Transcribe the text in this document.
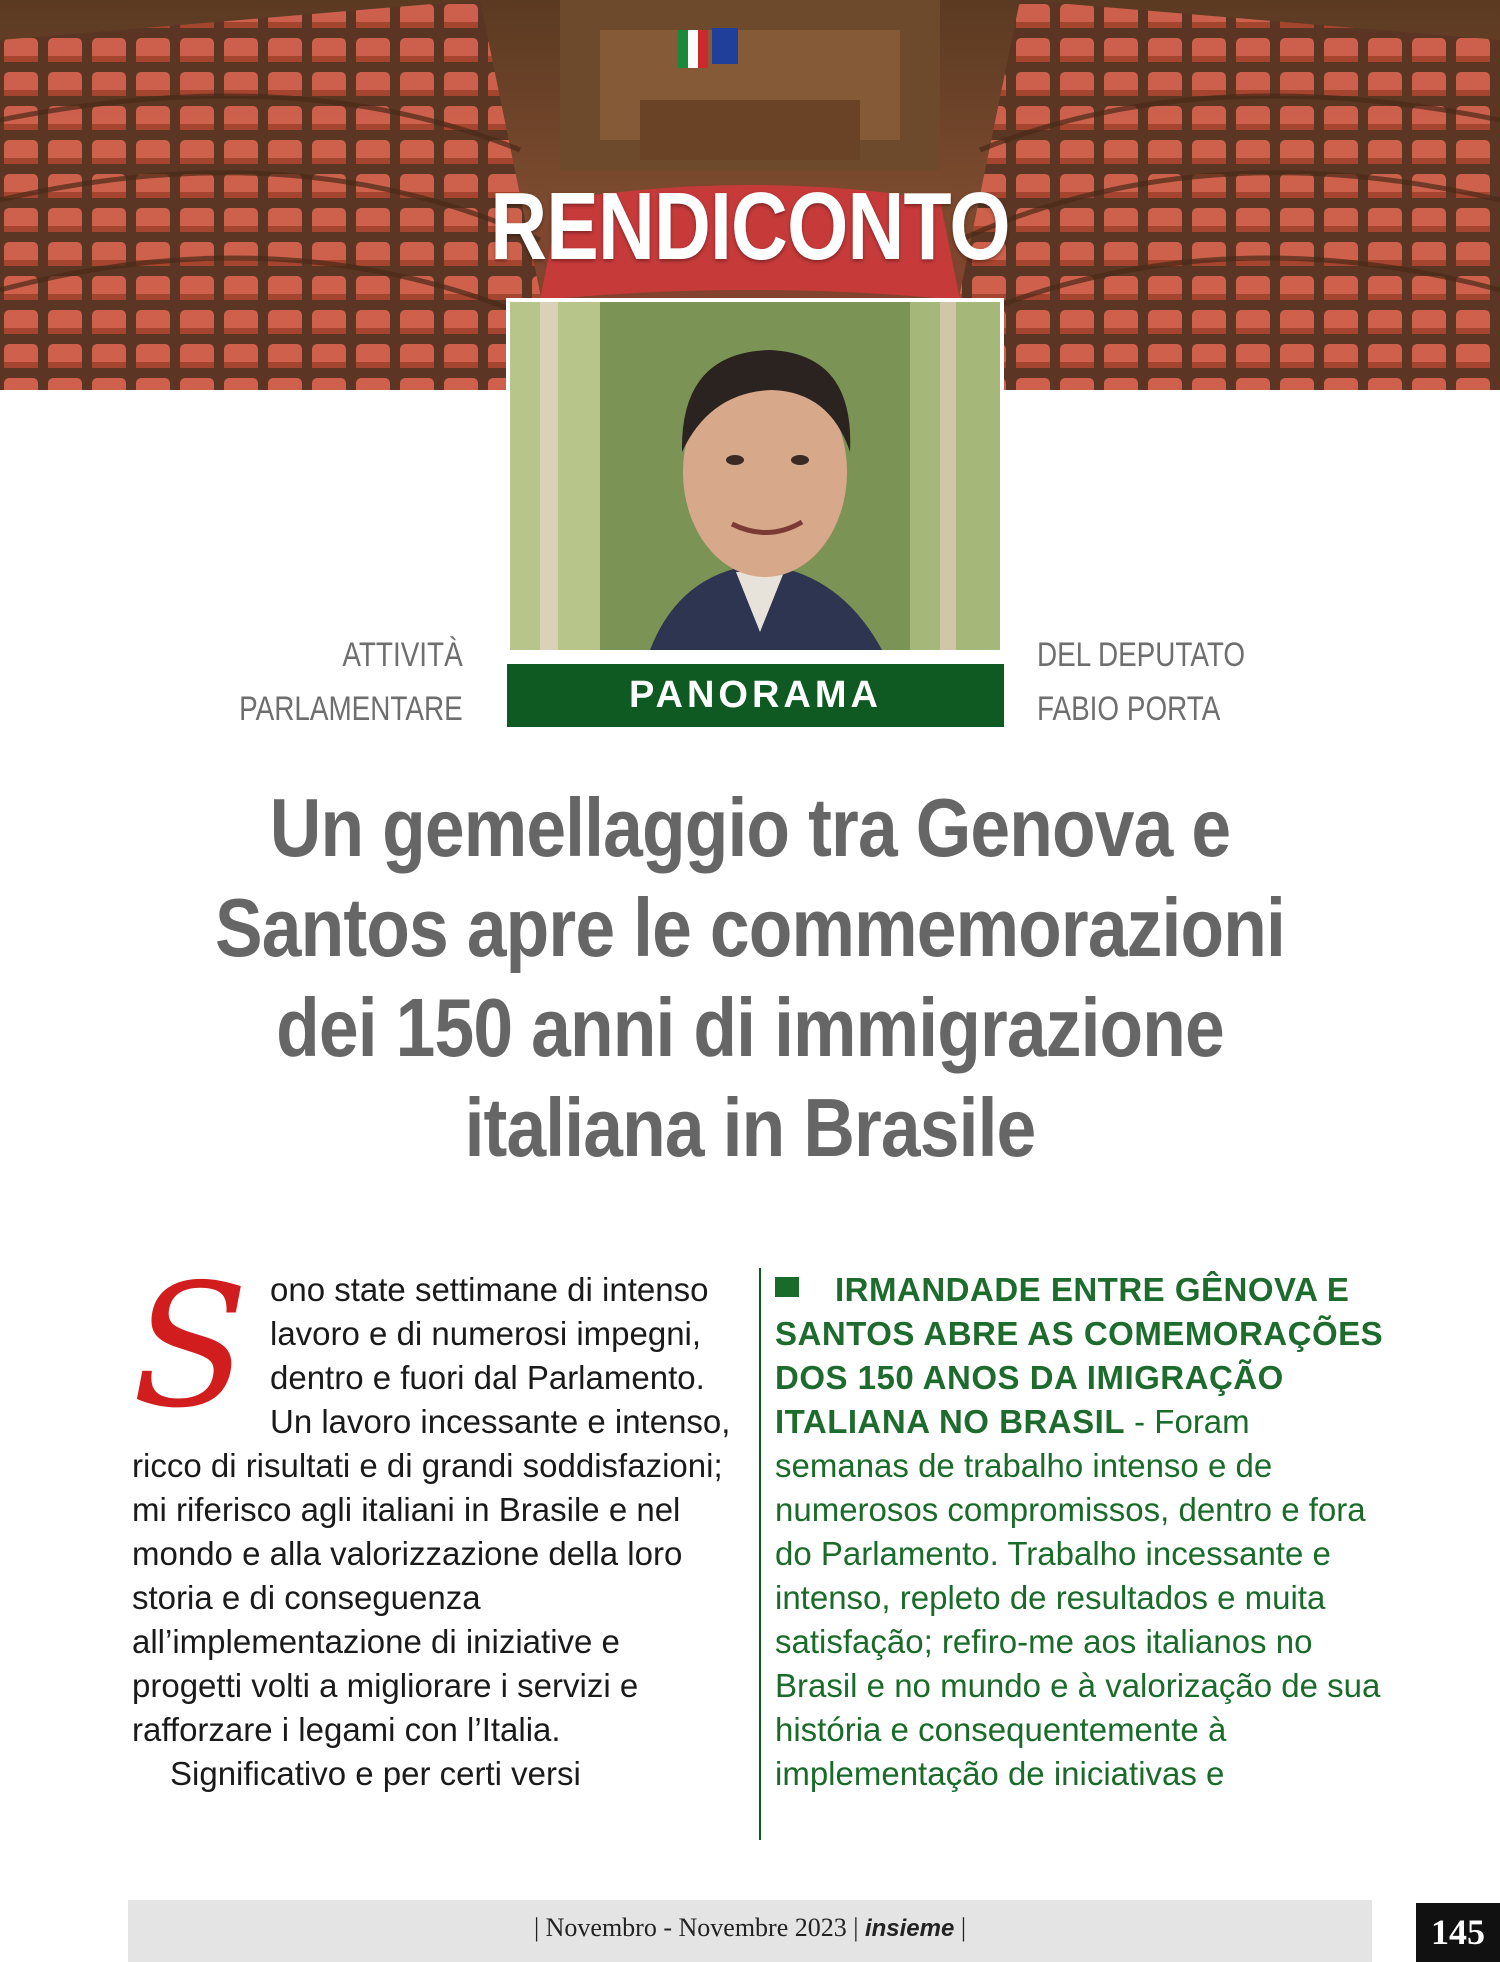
RENDICONTO
ATTIVITÀ
PARLAMENTARE	PANORAMA
DEL DEPUTATO
FABIO PORTA
Un gemellaggio tra Genova e
Santos apre le commemorazioni
dei 150 anni di immigrazione
italiana in Brasile
S ono state settimane di intenso lavoro e di numerosi impegni, dentro e fuori dal Parlamento. Un lavoro incessante e intenso, ricco di risultati e di grandi soddisfazioni; mi riferisco agli italiani in Brasile e nel mondo e alla valorizzazione della loro storia e di conseguenza all’implementazione di iniziative e progetti volti a migliorare i servizi e rafforzare i legami con l’Italia.
Significativo e per certi versi
IRMANDADE ENTRE GÊNOVA E SANTOS ABRE AS COMEMORAÇÕES DOS 150 ANOS DA IMIGRAÇÃO ITALIANA NO BRASIL - Foram semanas de trabalho intenso e de numerosos compromissos, dentro e fora do Parlamento. Trabalho incessante e intenso, repleto de resultados e muita satisfação; refiro-me aos italianos no Brasil e no mundo e à valorização de sua história e consequentemente à implementação de iniciativas e
| Novembro - Novembre 2023 | insieme |	145
